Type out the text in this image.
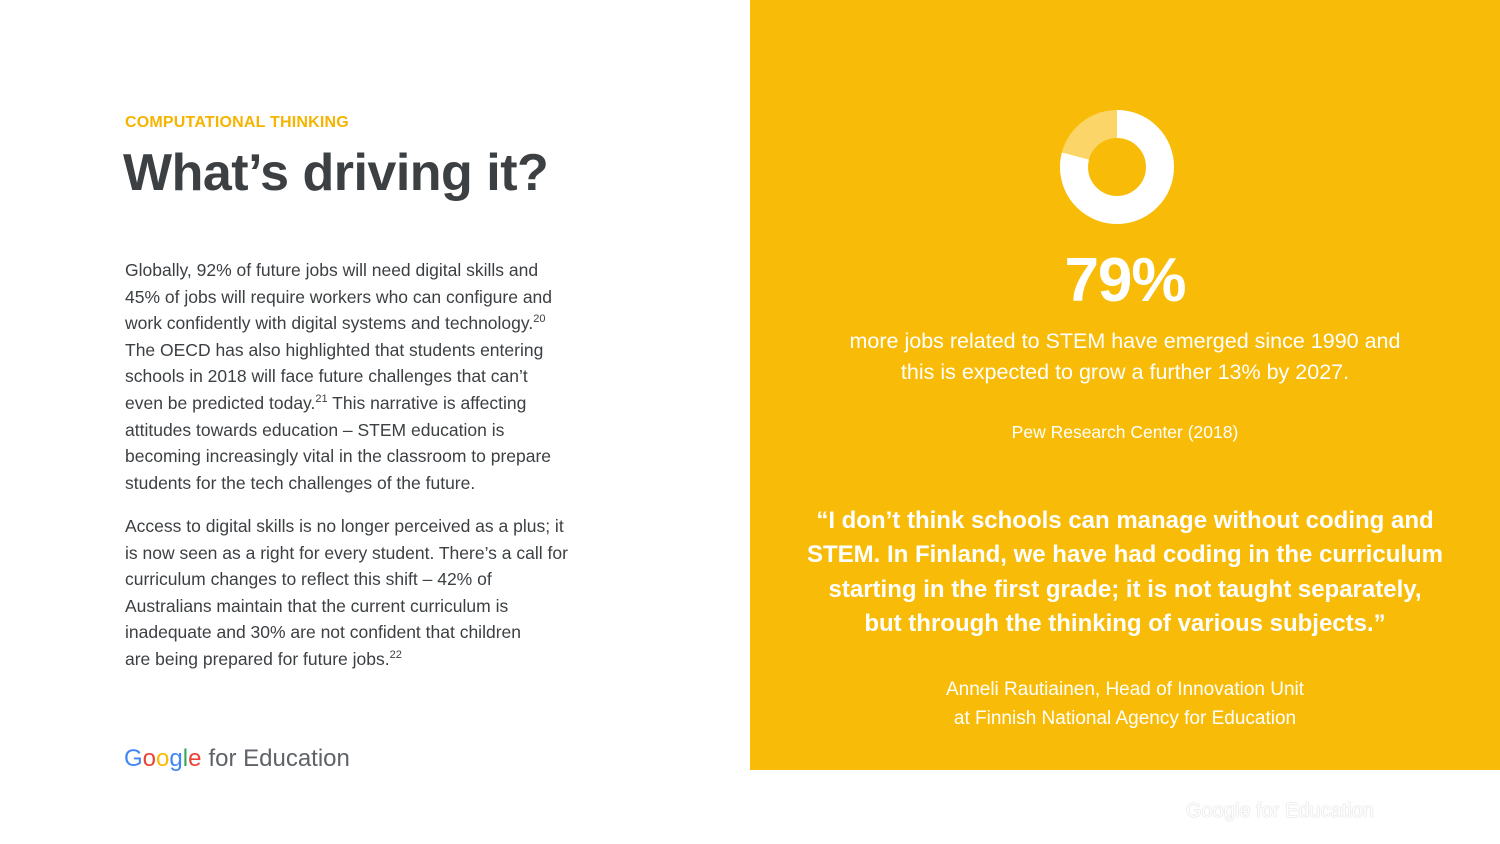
COMPUTATIONAL THINKING
What’s driving it?

Globally, 92% of future jobs will need digital skills and
45% of jobs will require workers who can configure and
work confidently with digital systems and technology.$^{20}$
The OECD has also highlighted that students entering
schools in 2018 will face future challenges that can’t
even be predicted today.$^{21}$ This narrative is affecting
attitudes towards education – STEM education is
becoming increasingly vital in the classroom to prepare
students for the tech challenges of the future.

Access to digital skills is no longer perceived as a plus; it
is now seen as a right for every student. There’s a call for
curriculum changes to reflect this shift – 42% of
Australians maintain that the current curriculum is
inadequate and 30% are not confident that children
are being prepared for future jobs.$^{22}$

Google for Education
79%
more jobs related to STEM have emerged since 1990 and
this is expected to grow a further 13% by 2027.
Pew Research Center (2018)
“I don’t think schools can manage without coding and
STEM. In Finland, we have had coding in the curriculum
starting in the first grade; it is not taught separately,
but through the thinking of various subjects.”
Anneli Rautiainen, Head of Innovation Unit
at Finnish National Agency for Education
Google for Education
